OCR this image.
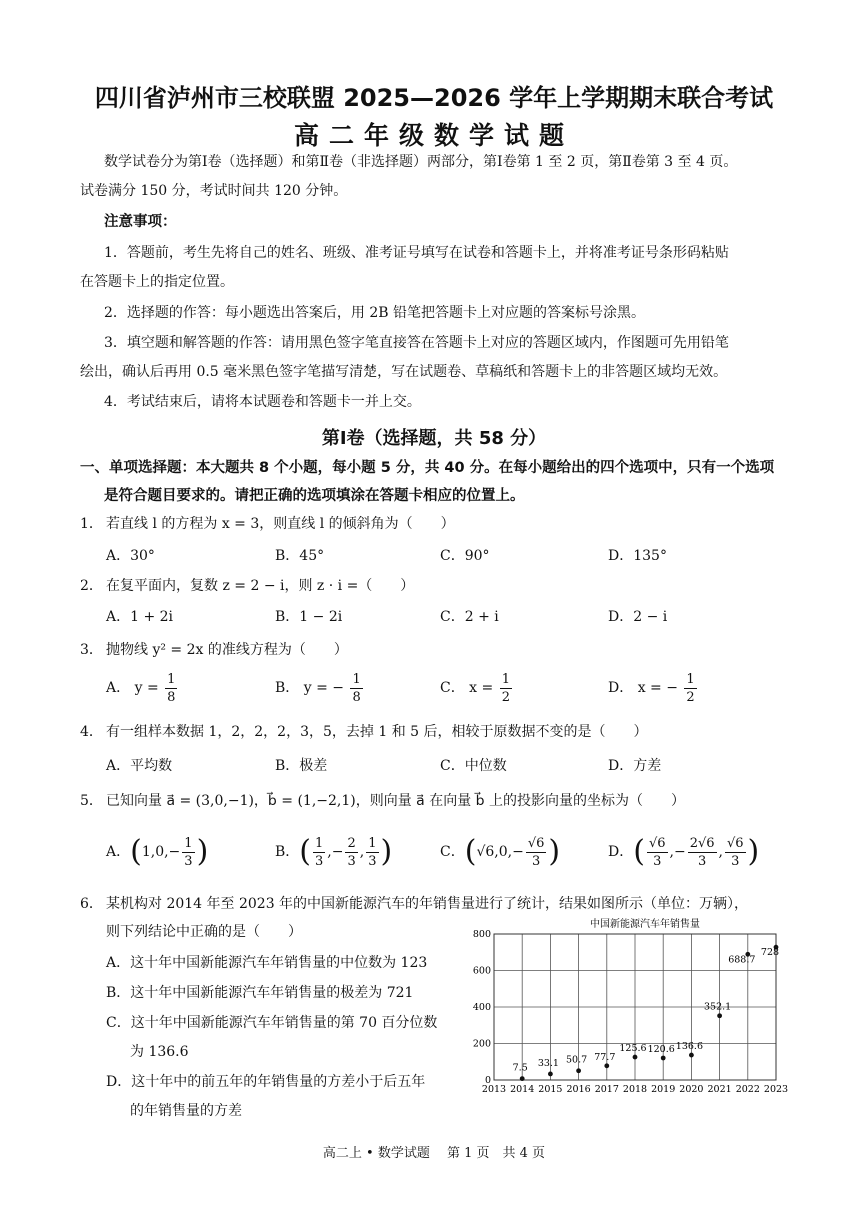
四川省泸州市三校联盟 2025—2026 学年上学期期末联合考试
高二年级数学试题
数学试卷分为第Ⅰ卷（选择题）和第Ⅱ卷（非选择题）两部分，第Ⅰ卷第 1 至 2 页，第Ⅱ卷第 3 至 4 页。
试卷满分 150 分，考试时间共 120 分钟。
注意事项：
1．答题前，考生先将自己的姓名、班级、准考证号填写在试卷和答题卡上，并将准考证号条形码粘贴
在答题卡上的指定位置。
2．选择题的作答：每小题选出答案后，用 2B 铅笔把答题卡上对应题的答案标号涂黑。
3．填空题和解答题的作答：请用黑色签字笔直接答在答题卡上对应的答题区域内，作图题可先用铅笔
绘出，确认后再用 0.5 毫米黑色签字笔描写清楚，写在试题卷、草稿纸和答题卡上的非答题区域均无效。
4．考试结束后，请将本试题卷和答题卡一并上交。
第Ⅰ卷（选择题，共 58 分）
一、单项选择题：本大题共 8 个小题，每小题 5 分，共 40 分。在每小题给出的四个选项中，只有一个选项
是符合题目要求的。请把正确的选项填涂在答题卡相应的位置上。
1． 若直线 l 的方程为 x = 3，则直线 l 的倾斜角为（　　）
A．30°	B．45°	C．90°	D．135°
2． 在复平面内，复数 z = 2 − i，则 z · i =（　　）
A．1 + 2i	B．1 − 2i	C．2 + i	D．2 − i
3． 抛物线 y² = 2x 的准线方程为（　　）
A． $y = \frac{1}{8}$	B． y = − $\frac{1}{8}$	C． $x = \frac{1}{2}$	D． x = − $\frac{1}{2}$
4． 有一组样本数据 1，2，2，2，3，5，去掉 1 和 5 后，相较于原数据不变的是（　　）
A．平均数	B．极差	C．中位数	D．方差
5． 已知向量 a⃗ = (3,0,−1)，b⃗ = (1,−2,1)，则向量 a⃗ 在向量 b⃗ 上的投影向量的坐标为（　　）
A．($1,0,- \frac{1}{3}$ )	B．( $\frac{1}{3}$ ,− $\frac{2}{3}$ , $\frac{1}{3}$ )	C．($√6,0,- \frac{√6}{3}$ )	D．( $\frac{√6}{3}$ ,− $\frac{2√6}{3}$ , $\frac{√6}{3}$ )
6． 某机构对 2014 年至 2023 年的中国新能源汽车的年销售量进行了统计，结果如图所示（单位：万辆），
则下列结论中正确的是（　　）
A．这十年中国新能源汽车年销售量的中位数为 123
B．这十年中国新能源汽车年销售量的极差为 721
C．这十年中国新能源汽车年销售量的第 70 百分位数
为 136.6
D．这十年中的前五年的年销售量的方差小于后五年
的年销售量的方差
中国新能源汽车年销售量
2013 2014 2015 2016 2017 2018 2019 2020 2021 2022 2023
0
200
400
600
800
7.5 33.1 50.7 77.7
125.6 120.6 136.6
352.1
688.7
728
高二上 • 数学试题　 第 1 页　共 4 页
